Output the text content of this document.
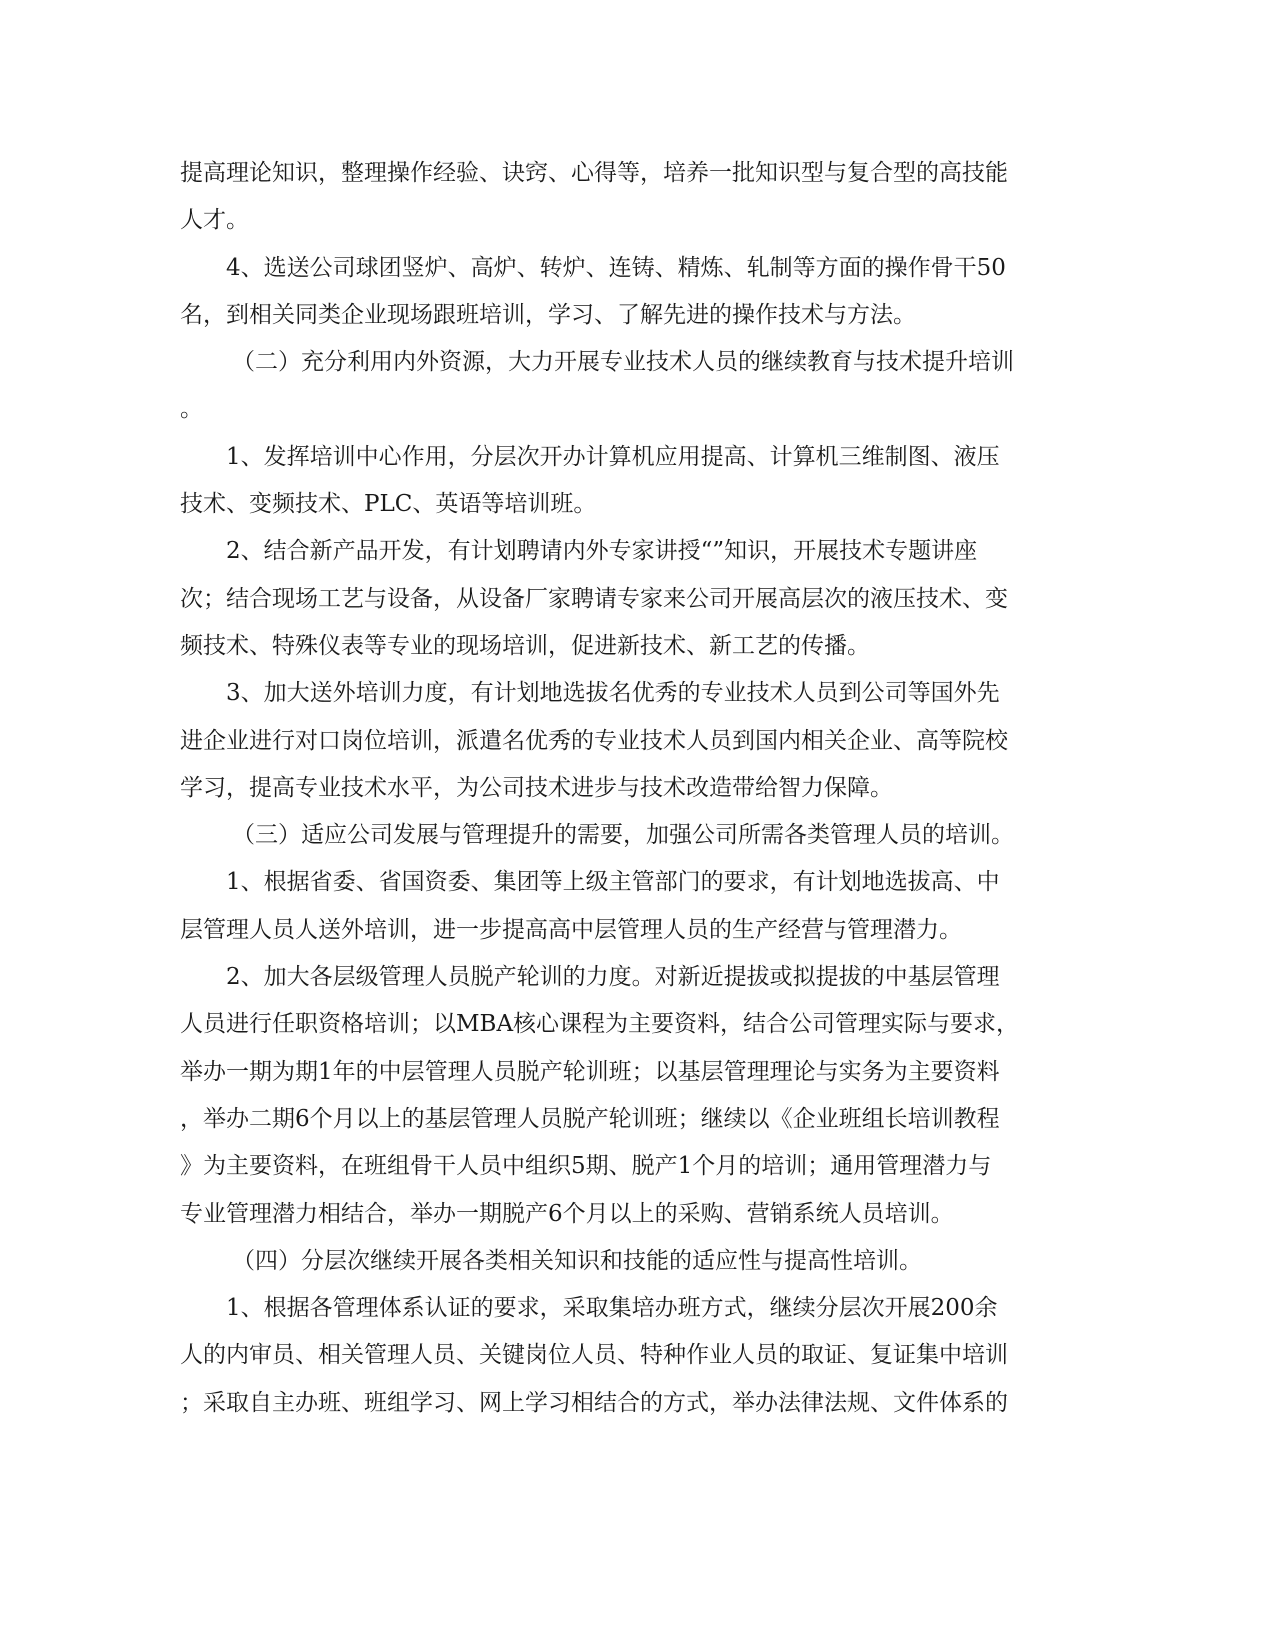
提高理论知识，整理操作经验、诀窍、心得等，培养一批知识型与复合型的高技能
人才。
4、选送公司球团竖炉、高炉、转炉、连铸、精炼、轧制等方面的操作骨干50
名，到相关同类企业现场跟班培训，学习、了解先进的操作技术与方法。
（二）充分利用内外资源，大力开展专业技术人员的继续教育与技术提升培训
。
1、发挥培训中心作用，分层次开办计算机应用提高、计算机三维制图、液压
技术、变频技术、PLC、英语等培训班。
2、结合新产品开发，有计划聘请内外专家讲授“”知识，开展技术专题讲座
次；结合现场工艺与设备，从设备厂家聘请专家来公司开展高层次的液压技术、变
频技术、特殊仪表等专业的现场培训，促进新技术、新工艺的传播。
3、加大送外培训力度，有计划地选拔名优秀的专业技术人员到公司等国外先
进企业进行对口岗位培训，派遣名优秀的专业技术人员到国内相关企业、高等院校
学习，提高专业技术水平，为公司技术进步与技术改造带给智力保障。
（三）适应公司发展与管理提升的需要，加强公司所需各类管理人员的培训。
1、根据省委、省国资委、集团等上级主管部门的要求，有计划地选拔高、中
层管理人员人送外培训，进一步提高高中层管理人员的生产经营与管理潜力。
2、加大各层级管理人员脱产轮训的力度。对新近提拔或拟提拔的中基层管理
人员进行任职资格培训；以MBA核心课程为主要资料，结合公司管理实际与要求，
举办一期为期1年的中层管理人员脱产轮训班；以基层管理理论与实务为主要资料
，举办二期6个月以上的基层管理人员脱产轮训班；继续以《企业班组长培训教程
》为主要资料，在班组骨干人员中组织5期、脱产1个月的培训；通用管理潜力与
专业管理潜力相结合，举办一期脱产6个月以上的采购、营销系统人员培训。
（四）分层次继续开展各类相关知识和技能的适应性与提高性培训。
1、根据各管理体系认证的要求，采取集培办班方式，继续分层次开展200余
人的内审员、相关管理人员、关键岗位人员、特种作业人员的取证、复证集中培训
；采取自主办班、班组学习、网上学习相结合的方式，举办法律法规、文件体系的
